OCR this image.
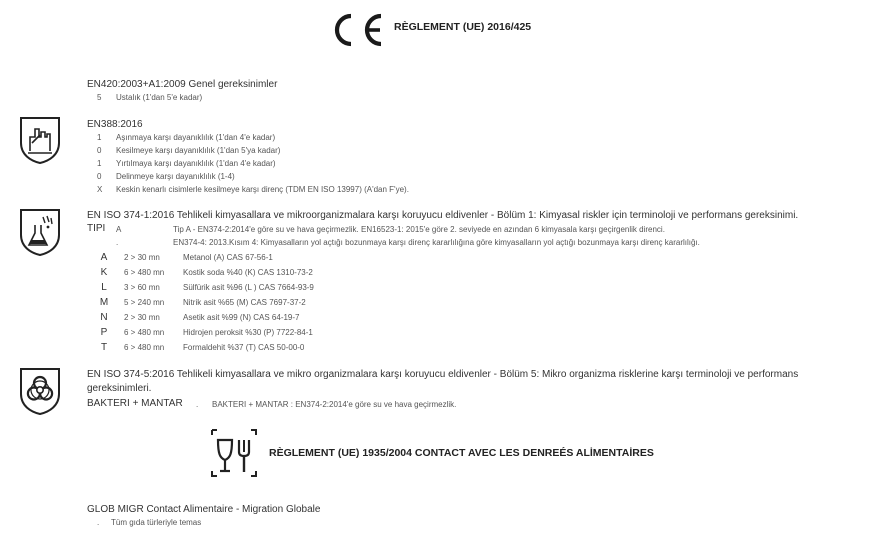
RÈGLEMENT (UE) 2016/425
EN420:2003+A1:2009 Genel gereksinimler
5 Ustalık (1'dan 5'e kadar)
EN388:2016
1 Aşınmaya karşı dayanıklılık (1'dan 4'e kadar)
0 Kesilmeye karşı dayanıklılık (1'dan 5'ya kadar)
1 Yırtılmaya karşı dayanıklılık (1'dan 4'e kadar)
0 Delinmeye karşı dayanıklılık (1-4)
X Keskin kenarlı cisimlerle kesilmeye karşı direnç (TDM EN ISO 13997) (A'dan F'ye).
EN ISO 374-1:2016 Tehlikeli kimyasallara ve mikroorganizmalara karşı koruyucu eldivenler - Bölüm 1: Kimyasal riskler için terminoloji ve performans gereksinimi.
TIPI A	Tip A - EN374-2:2014'e göre su ve hava geçirmezlik. EN16523-1: 2015'e göre 2. seviyede en azından 6 kimyasala karşı geçirgenlik direnci.
.	EN374-4: 2013.Kısım 4: Kimyasalların yol açtığı bozunmaya karşı direnç kararlılığına göre kimyasalların yol açtığı bozunmaya karşı direnç kararlılığı.
A	2 > 30 mn	Metanol (A) CAS 67-56-1
K	6 > 480 mn Kostik soda %40 (K) CAS 1310-73-2
L	3 > 60 mn	Sülfürik asit %96 (L ) CAS 7664-93-9
M	5 > 240 mn Nitrik asit %65 (M) CAS 7697-37-2
N	2 > 30 mn	Asetik asit %99 (N) CAS 64-19-7
P	6 > 480 mn Hidrojen peroksit %30 (P) 7722-84-1
T	6 > 480 mn Formaldehit %37 (T) CAS 50-00-0
EN ISO 374-5:2016 Tehlikeli kimyasallara ve mikro organizmalara karşı koruyucu eldivenler - Bölüm 5: Mikro organizma risklerine karşı terminoloji ve performans
gereksinimleri.
BAKTERI + MANTAR . BAKTERI + MANTAR : EN374-2:2014'e göre su ve hava geçirmezlik.
RÈGLEMENT (UE) 1935/2004 CONTACT AVEC LES DENREÉS ALİMENTAİRES
GLOB MIGR Contact Alimentaire - Migration Globale
. Tüm gıda türleriyle temas
